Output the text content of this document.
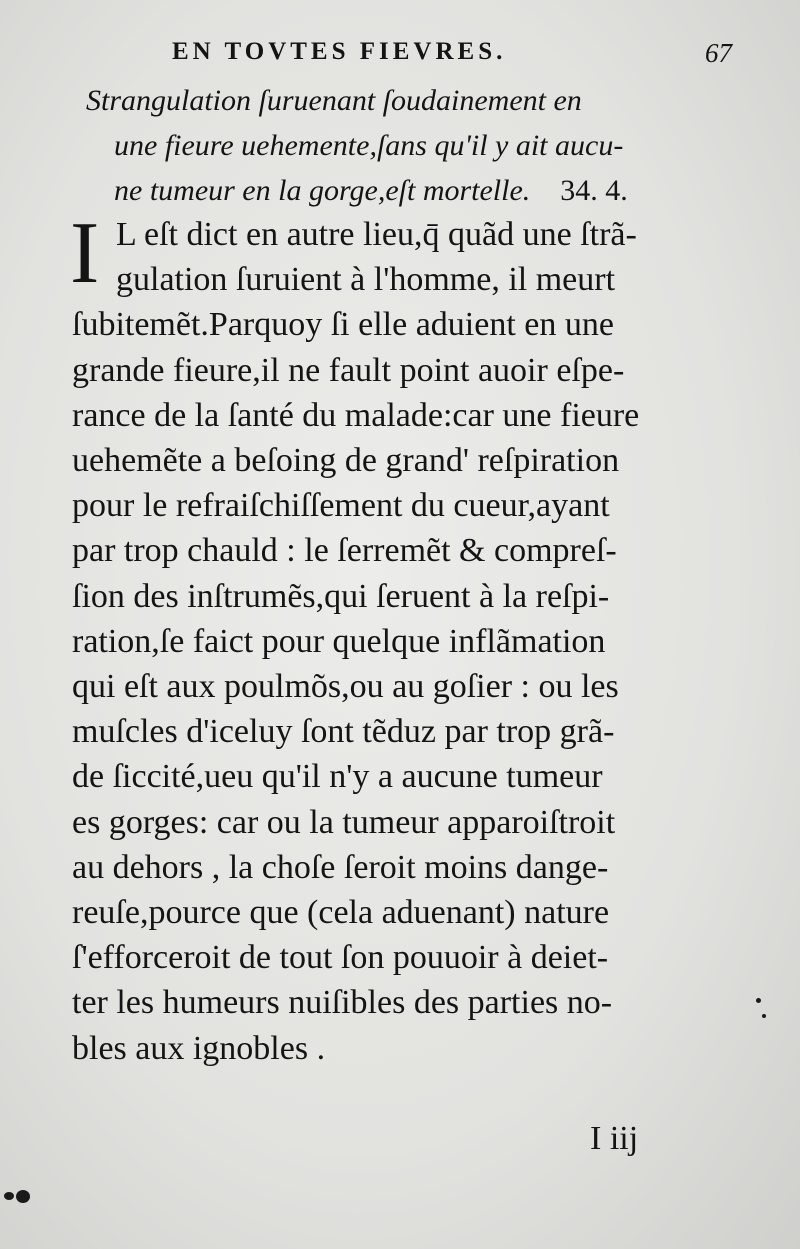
EN TOVTES FIEVRES.	67
Strangulation ſuruenant ſoudainement en
une fieure uehemente,ſans qu'il y ait aucu-
ne tumeur en la gorge,eſt mortelle. 34. 4.
I L eſt dict en autre lieu,q̄ quãd une ſtrã-
gulation ſuruient à l'homme, il meurt
ſubitemẽt.Parquoy ſi elle aduient en une
grande fieure,il ne fault point auoir eſpe-
rance de la ſanté du malade:car une fieure
uehemẽte a beſoing de grand' reſpiration
pour le refraiſchiſſement du cueur,ayant
par trop chauld : le ſerremẽt & compreſ-
ſion des inſtrumẽs,qui ſeruent à la reſpi-
ration,ſe faict pour quelque inflãmation
qui eſt aux poulmõs,ou au goſier : ou les
muſcles d'iceluy ſont tẽduz par trop grã-
de ſiccité,ueu qu'il n'y a aucune tumeur
es gorges: car ou la tumeur apparoiſtroit
au dehors , la choſe ſeroit moins dange-
reuſe,pource que (cela aduenant) nature
ſ'efforceroit de tout ſon pouuoir à deiet-
ter les humeurs nuiſibles des parties no-
bles aux ignobles .
I iij
